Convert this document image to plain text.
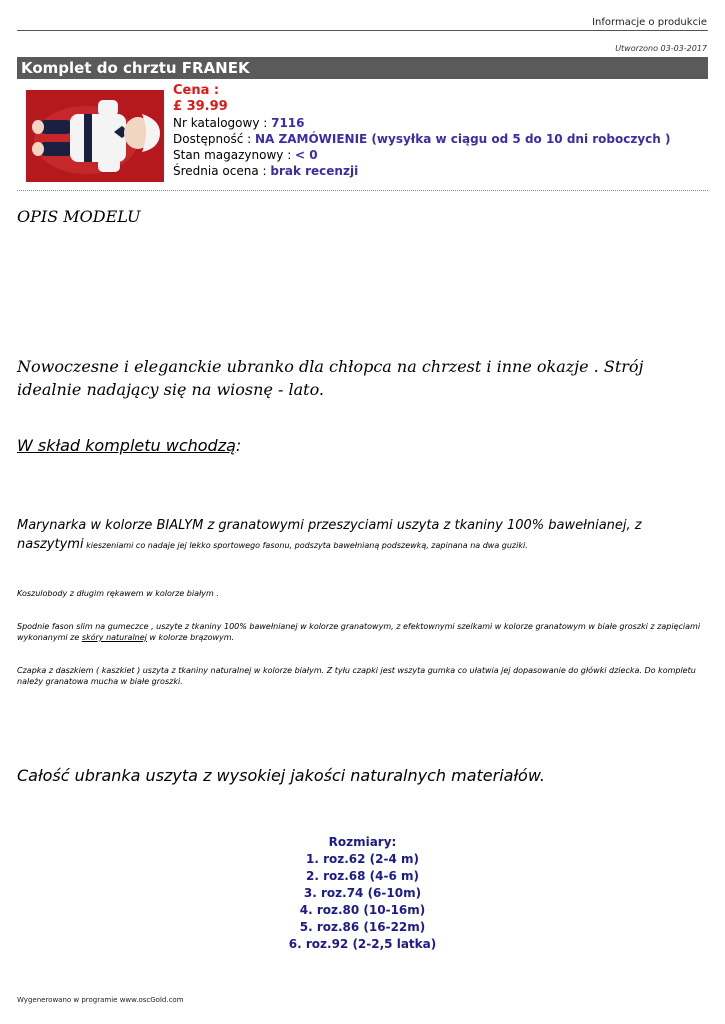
Informacje o produkcie
Utworzono 03-03-2017
Komplet do chrztu FRANEK
Cena :
£ 39.99
Nr katalogowy : 7116
Dostępność : NA ZAMÓWIENIE (wysyłka w ciągu od 5 do 10 dni roboczych )
Stan magazynowy : < 0
Średnia ocena : brak recenzji
OPIS MODELU
Nowoczesne i eleganckie ubranko dla chłopca na chrzest i inne okazje . Strój idealnie nadający się na wiosnę - lato.
W skład kompletu wchodzą:
Marynarka w kolorze BIALYM z granatowymi przeszyciami uszyta z tkaniny 100% bawełnianej, z naszytymi kieszeniami co nadaje jej lekko sportowego fasonu, podszyta bawełnianą podszewką, zapinana na dwa guziki.
Koszulobody z długim rękawem w kolorze białym .
Spodnie fason slim na gumeczce , uszyte z tkaniny 100% bawełnianej w kolorze granatowym, z efektownymi szelkami w kolorze granatowym w białe groszki z zapięciami wykonanymi ze skóry naturalnej w kolorze brązowym.
Czapka z daszkiem ( kaszkiet ) uszyta z tkaniny naturalnej w kolorze białym. Z tyłu czapki jest wszyta gumka co ułatwia jej dopasowanie do główki dziecka. Do kompletu należy granatowa mucha w białe groszki.
Całość ubranka uszyta z wysokiej jakości naturalnych materiałów.
Rozmiary:
1. roz.62 (2-4 m)
2. roz.68 (4-6 m)
3. roz.74 (6-10m)
4. roz.80 (10-16m)
5. roz.86 (16-22m)
6. roz.92 (2-2,5 latka)
Wygenerowano w programie www.oscGold.com
